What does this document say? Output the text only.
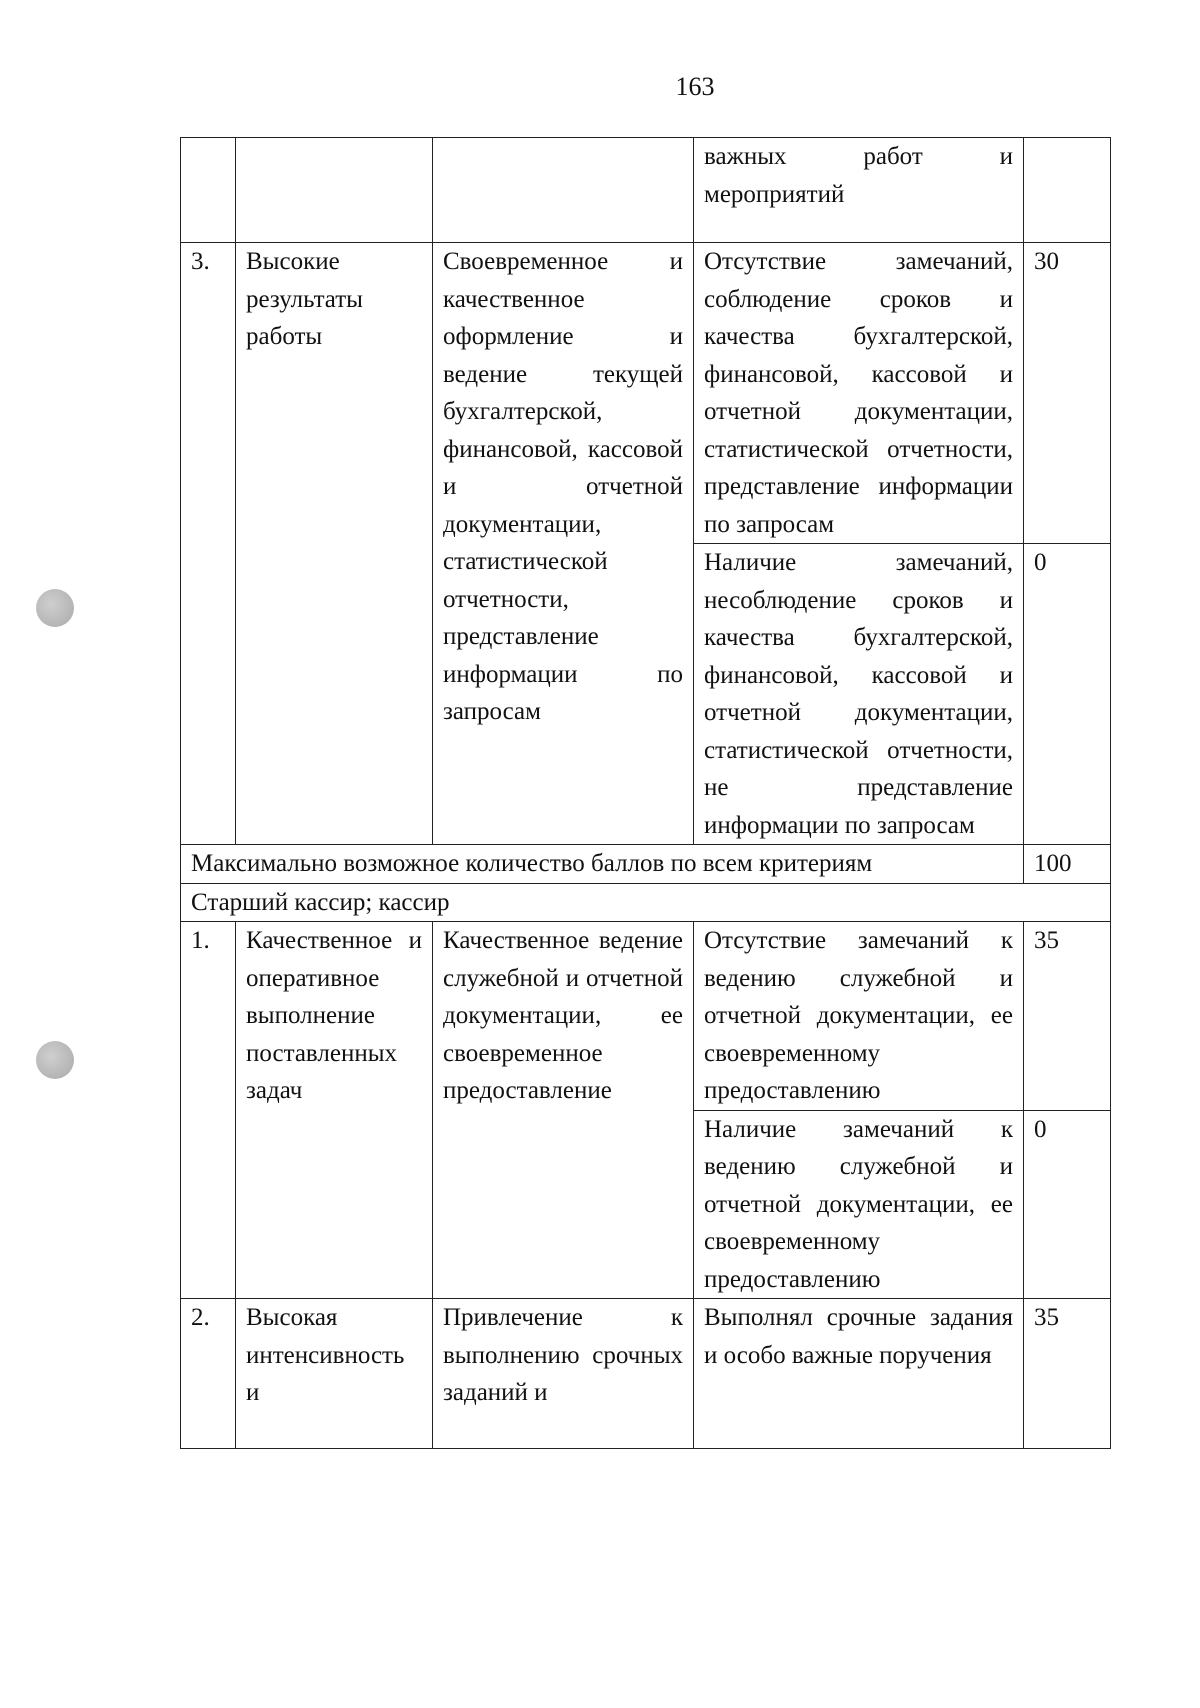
163
			важных работ и мероприятий	
3.	Высокие результаты работы	Своевременное и качественное оформление и ведение текущей бухгалтерской, финансовой, кассовой и отчетной документации, статистической отчетности, представление информации по запросам	Отсутствие замечаний, соблюдение сроков и качества бухгалтерской, финансовой, кассовой и отчетной документации, статистической отчетности, представление информации по запросам	30
			Наличие замечаний, несоблюдение сроков и качества бухгалтерской, финансовой, кассовой и отчетной документации, статистической отчетности, не представление информации по запросам	0
Максимально возможное количество баллов по всем критериям				100
Старший кассир; кассир				
1.	Качественное и оперативное выполнение поставленных задач	Качественное ведение служебной и отчетной документации, ее своевременное предоставление	Отсутствие замечаний к ведению служебной и отчетной документации, ее своевременному предоставлению	35
			Наличие замечаний к ведению служебной и отчетной документации, ее своевременному предоставлению	0
2.	Высокая интенсивность и	Привлечение к выполнению срочных заданий и	Выполнял срочные задания и особо важные поручения	35
